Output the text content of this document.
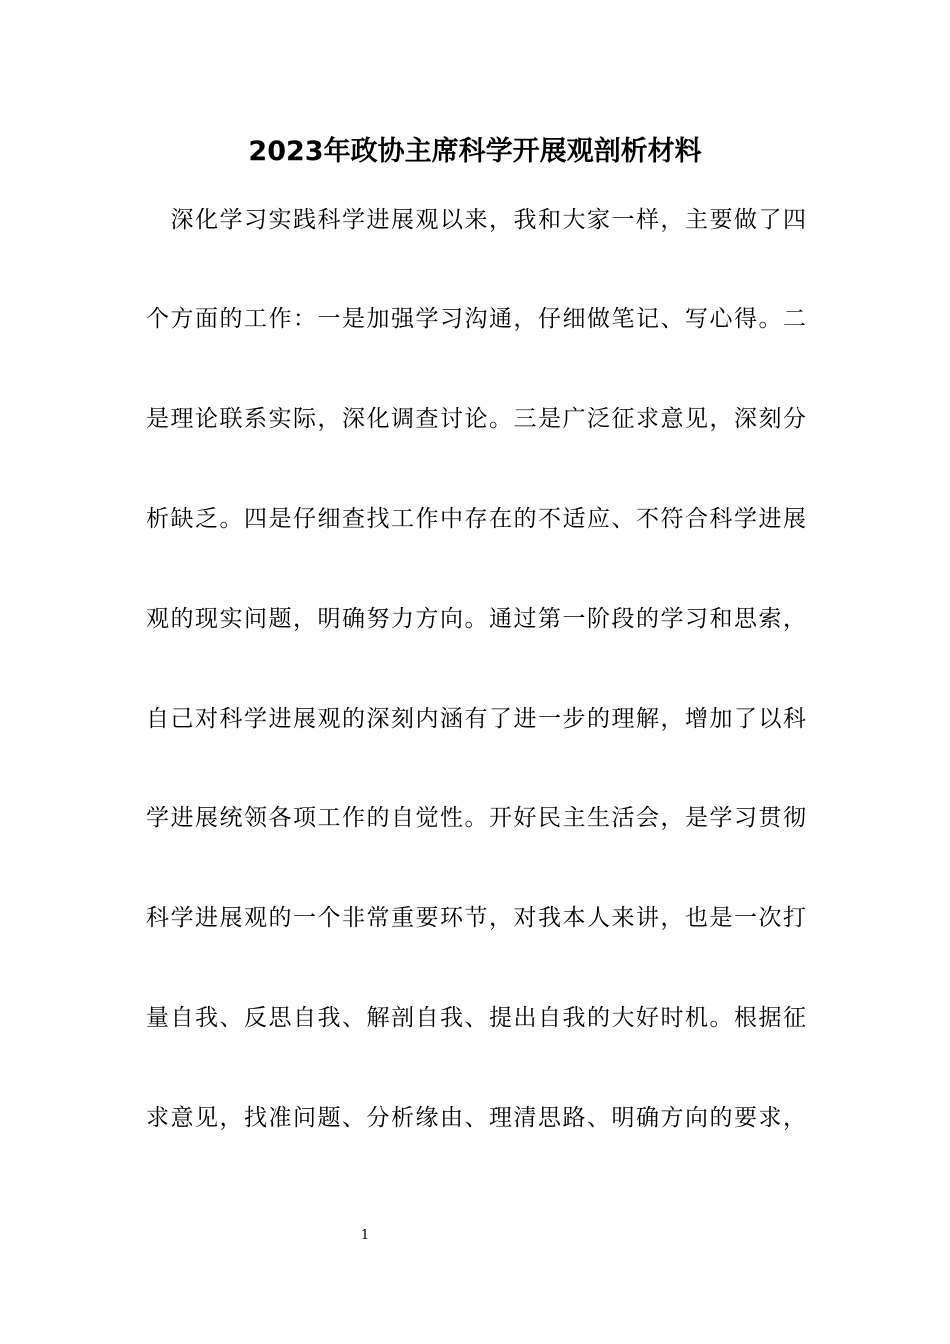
2023年政协主席科学开展观剖析材料
　深化学习实践科学进展观以来，我和大家一样，主要做了四
个方面的工作：一是加强学习沟通，仔细做笔记、写心得。二
是理论联系实际，深化调查讨论。三是广泛征求意见，深刻分
析缺乏。四是仔细查找工作中存在的不适应、不符合科学进展
观的现实问题，明确努力方向。通过第一阶段的学习和思索，
自己对科学进展观的深刻内涵有了进一步的理解，增加了以科
学进展统领各项工作的自觉性。开好民主生活会，是学习贯彻
科学进展观的一个非常重要环节，对我本人来讲，也是一次打
量自我、反思自我、解剖自我、提出自我的大好时机。根据征
求意见，找准问题、分析缘由、理清思路、明确方向的要求，
1
